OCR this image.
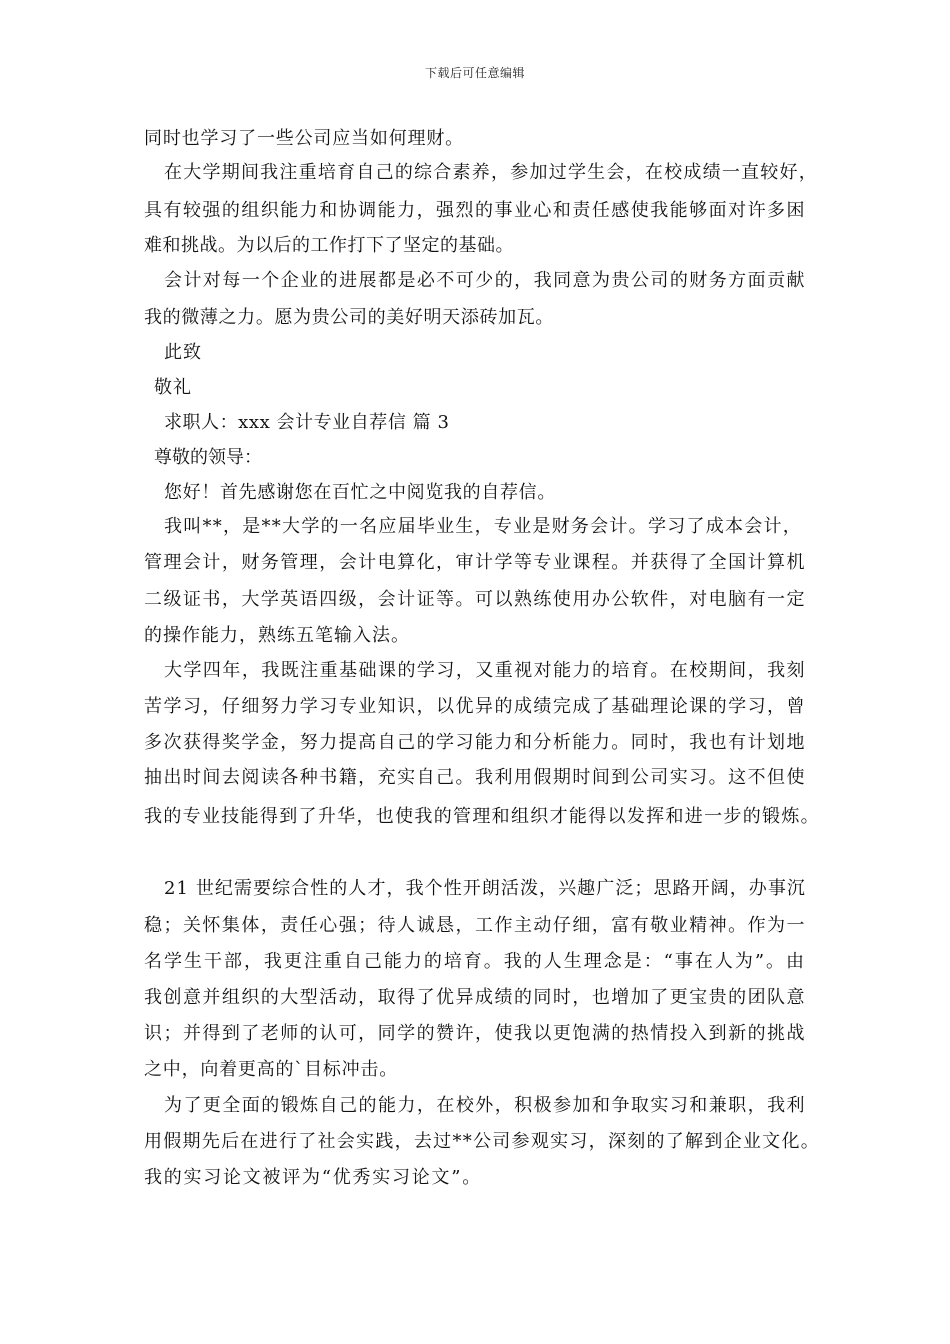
下载后可任意编辑
同时也学习了一些公司应当如何理财。
在大学期间我注重培育自己的综合素养，参加过学生会，在校成绩一直较好，
具有较强的组织能力和协调能力，强烈的事业心和责任感使我能够面对许多困
难和挑战。为以后的工作打下了坚定的基础。
会计对每一个企业的进展都是必不可少的，我同意为贵公司的财务方面贡献
我的微薄之力。愿为贵公司的美好明天添砖加瓦。
此致
敬礼
求职人：xxx 会计专业自荐信 篇 3
尊敬的领导：
您好！首先感谢您在百忙之中阅览我的自荐信。
我叫**，是**大学的一名应届毕业生，专业是财务会计。学习了成本会计，
管理会计，财务管理，会计电算化，审计学等专业课程。并获得了全国计算机
二级证书，大学英语四级，会计证等。可以熟练使用办公软件，对电脑有一定
的操作能力，熟练五笔输入法。
大学四年，我既注重基础课的学习，又重视对能力的培育。在校期间，我刻
苦学习，仔细努力学习专业知识，以优异的成绩完成了基础理论课的学习，曾
多次获得奖学金，努力提高自己的学习能力和分析能力。同时，我也有计划地
抽出时间去阅读各种书籍，充实自己。我利用假期时间到公司实习。这不但使
我的专业技能得到了升华，也使我的管理和组织才能得以发挥和进一步的锻炼。
21 世纪需要综合性的人才，我个性开朗活泼，兴趣广泛；思路开阔，办事沉
稳；关怀集体，责任心强；待人诚恳，工作主动仔细，富有敬业精神。作为一
名学生干部，我更注重自己能力的培育。我的人生理念是：“事在人为”。由
我创意并组织的大型活动，取得了优异成绩的同时，也增加了更宝贵的团队意
识；并得到了老师的认可，同学的赞许，使我以更饱满的热情投入到新的挑战
之中，向着更高的`目标冲击。
为了更全面的锻炼自己的能力，在校外，积极参加和争取实习和兼职，我利
用假期先后在进行了社会实践，去过**公司参观实习，深刻的了解到企业文化。
我的实习论文被评为“优秀实习论文”。
